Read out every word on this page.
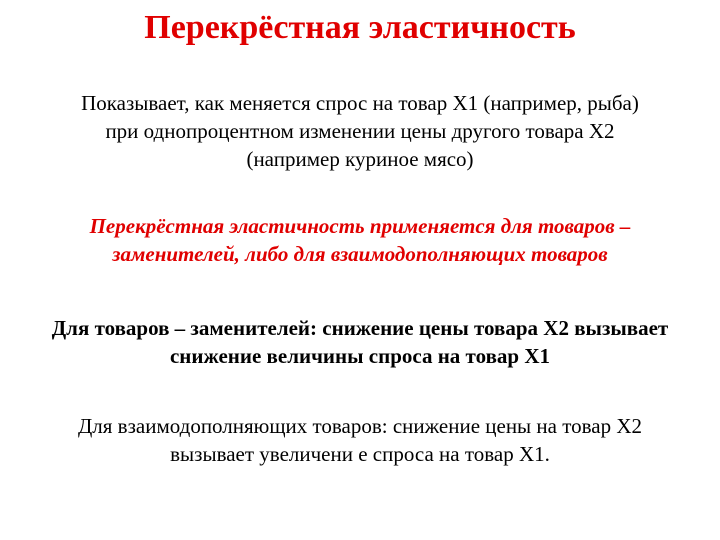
Перекрёстная эластичность
Показывает, как меняется спрос на товар X1 (например, рыба)
при однопроцентном изменении цены другого товара X2
(например куриное мясо)
Перекрёстная эластичность применяется для товаров –
заменителей, либо для взаимодополняющих товаров
Для товаров – заменителей: снижение цены товара X2 вызывает
снижение величины спроса на товар X1
Для взаимодополняющих товаров: снижение цены на товар X2
вызывает увеличени е спроса на товар X1.
